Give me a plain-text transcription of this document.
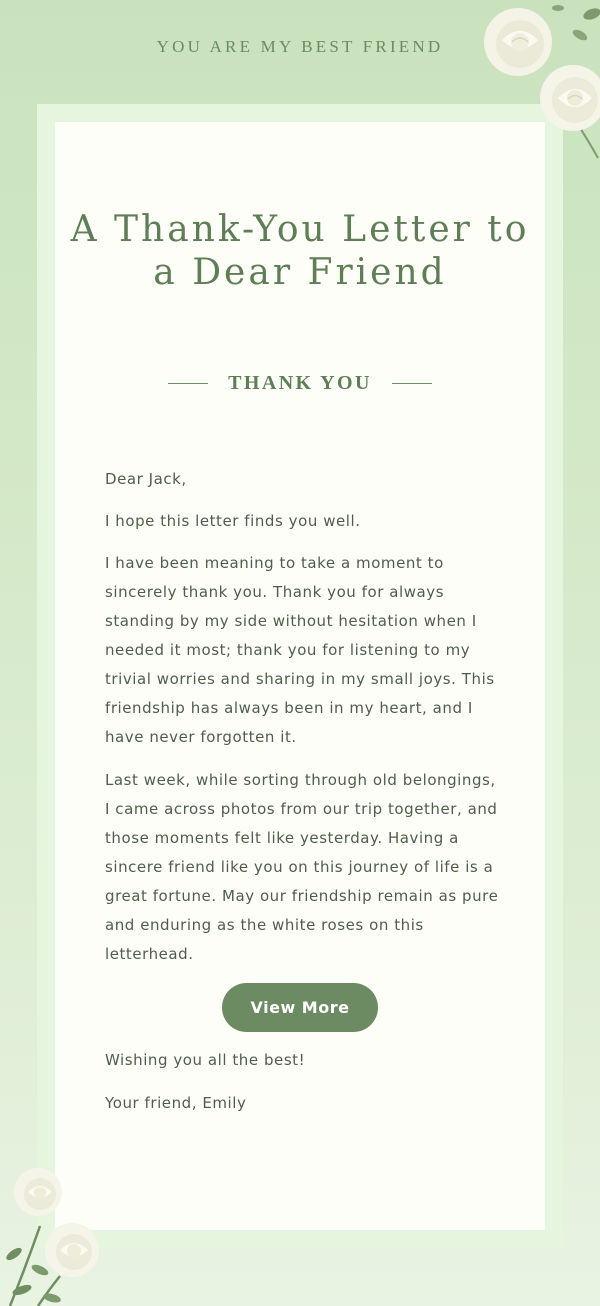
YOU ARE MY BEST FRIEND
A Thank-You Letter to a Dear Friend
THANK YOU

Dear Jack,

I hope this letter finds you well.

I have been meaning to take a moment to sincerely thank you. Thank you for always standing by my side without hesitation when I needed it most; thank you for listening to my trivial worries and sharing in my small joys. This friendship has always been in my heart, and I have never forgotten it.

Last week, while sorting through old belongings, I came across photos from our trip together, and those moments felt like yesterday. Having a sincere friend like you on this journey of life is a great fortune. May our friendship remain as pure and enduring as the white roses on this letterhead.

View More

Wishing you all the best!

Your friend, Emily
